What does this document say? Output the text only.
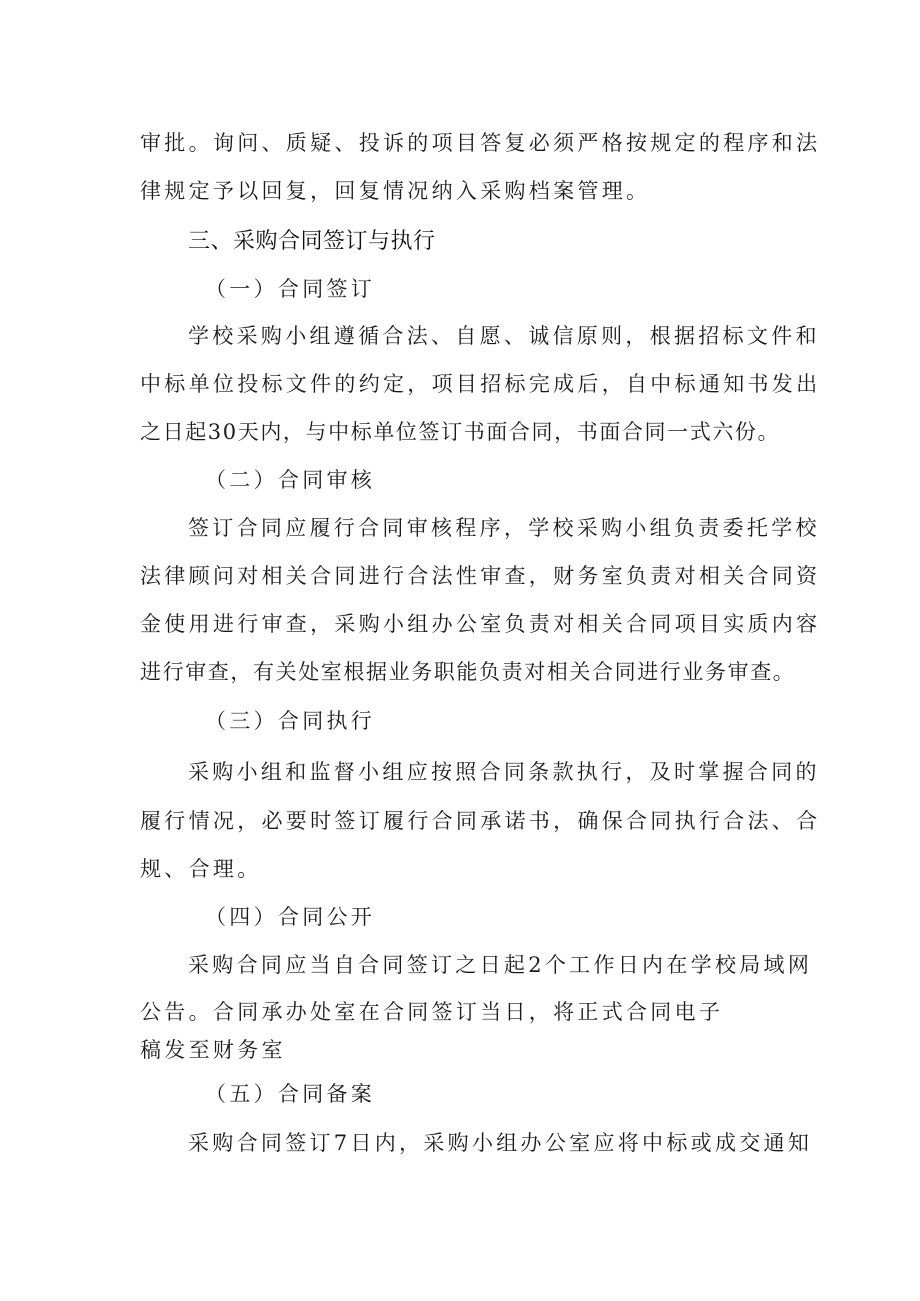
审批。询问、质疑、投诉的项目答复必须严格按规定的程序和法
律规定予以回复，回复情况纳入采购档案管理。
三、采购合同签订与执行
（一）合同签订
学校采购小组遵循合法、自愿、诚信原则，根据招标文件和
中标单位投标文件的约定，项目招标完成后，自中标通知书发出
之日起30天内，与中标单位签订书面合同，书面合同一式六份。
（二）合同审核
签订合同应履行合同审核程序，学校采购小组负责委托学校
法律顾问对相关合同进行合法性审查，财务室负责对相关合同资
金使用进行审查，采购小组办公室负责对相关合同项目实质内容
进行审查，有关处室根据业务职能负责对相关合同进行业务审查。
（三）合同执行
采购小组和监督小组应按照合同条款执行，及时掌握合同的
履行情况，必要时签订履行合同承诺书，确保合同执行合法、合
规、合理。
（四）合同公开
采购合同应当自合同签订之日起2个工作日内在学校局域网
公告。合同承办处室在合同签订当日，将正式合同电子
稿发至财务室
（五）合同备案
采购合同签订7日内，采购小组办公室应将中标或成交通知
